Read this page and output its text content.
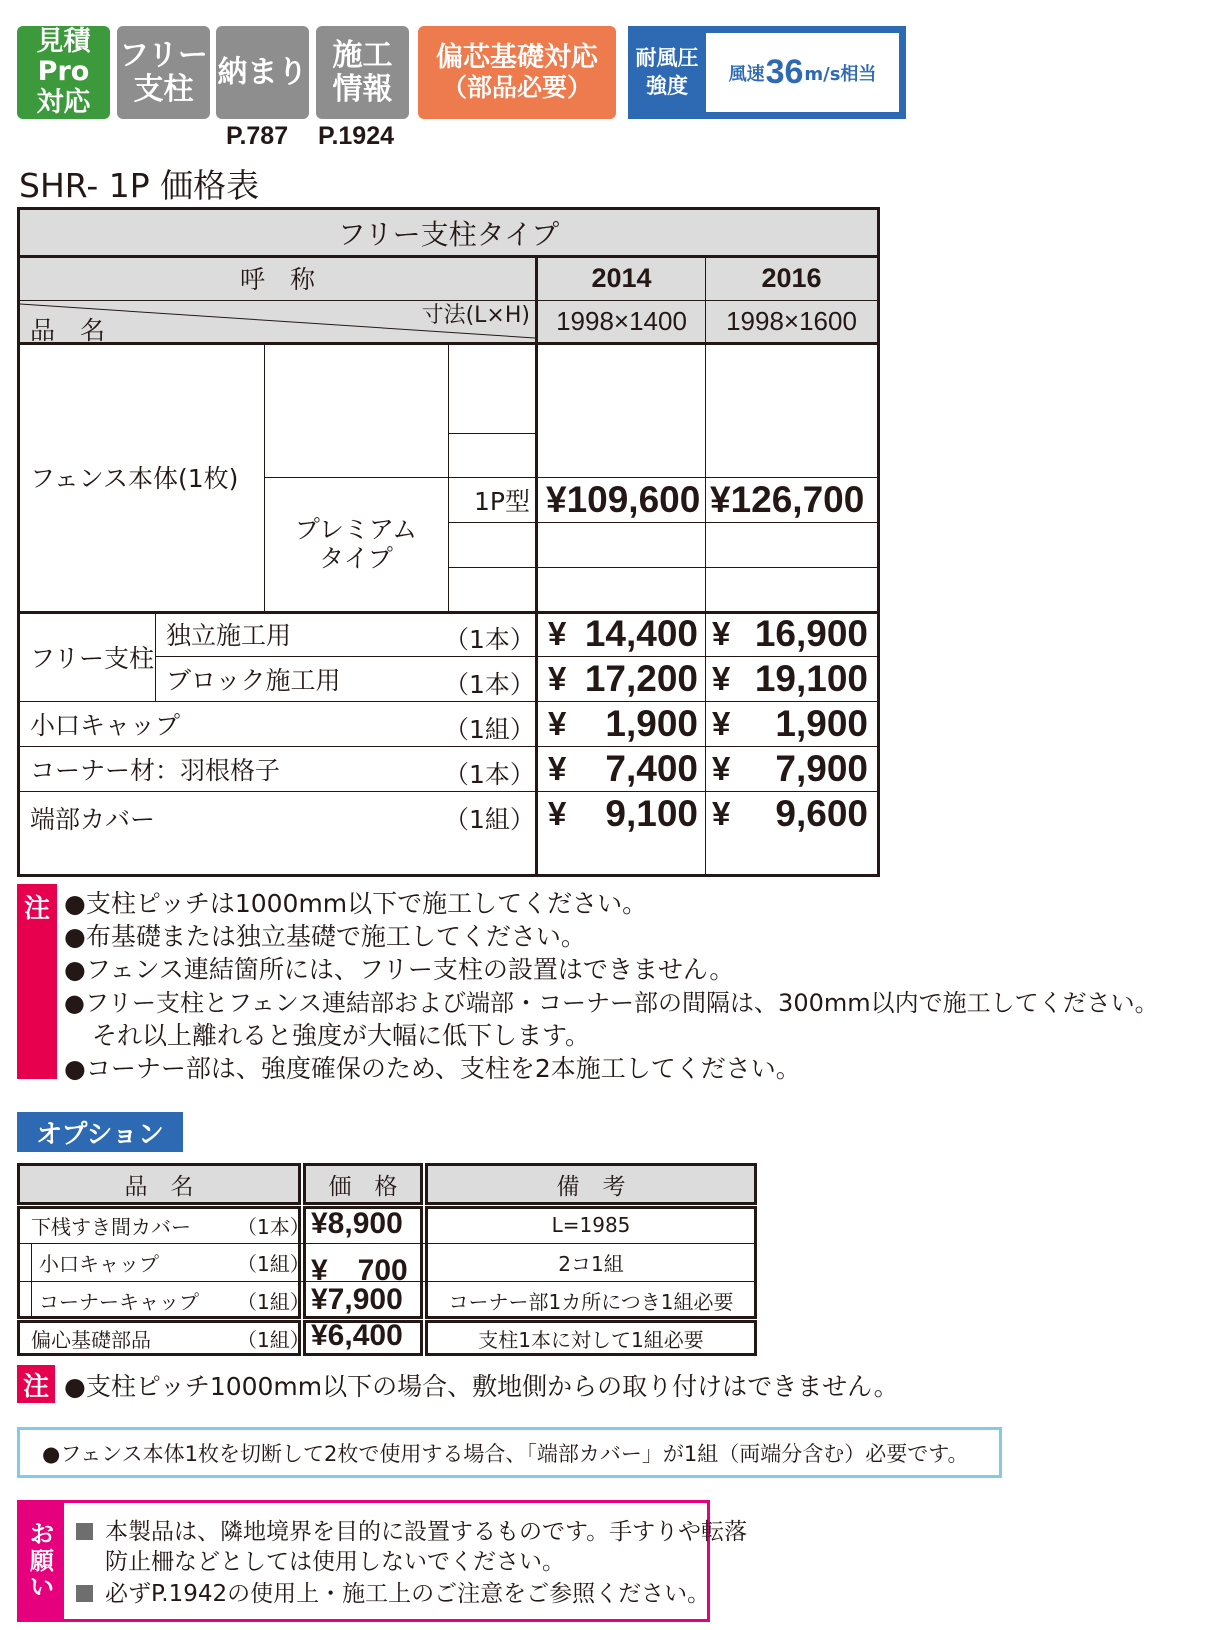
見積Pro
対応
フリー
支柱 納まり 施工
情報
偏芯基礎対応
（部品必要）
耐風圧
強度 風速 36 m/s相当
P.787 P.1924
SHR- 1P 価格表
フリー支柱タイプ
呼　称
寸法(L×H)
品　名
2014	2016
1998×1400	1998×1600
フェンス本体(1枚)
プレミアム
タイプ
1P型 ¥109,600 ¥126,700
フリー支柱
独立施工用	（1本） ¥ 14,400 ¥ 16,900
ブロック施工用	（1本） ¥ 17,200 ¥ 19,100
小口キャップ	（1組） ¥	1,900 ¥	1,900
コーナー材：羽根格子	（1本） ¥	7,400 ¥	7,900
端部カバー	（1組） ¥	9,100 ¥	9,600
注 ●支柱ピッチは1000mm以下で施工してください。
●布基礎または独立基礎で施工してください。
●フェンス連結箇所には、フリー支柱の設置はできません。
●フリー支柱とフェンス連結部および端部・コーナー部の間隔は、300mm以内で施工してください。
それ以上離れると強度が大幅に低下します。
●コーナー部は、強度確保のため、支柱を2本施工してください。
オプション
品　名	価　格	備　考
下桟すき間カバー	（1本） ¥8,900	L=1985
小口キャップ	（1組） ¥　700	2コ1組
コーナーキャップ	（1組） ¥7,900	コーナー部1カ所につき1組必要
偏心基礎部品	（1組） ¥6,400	支柱1本に対して1組必要
注 ●支柱ピッチ1000mm以下の場合、敷地側からの取り付けはできません。
●フェンス本体1枚を切断して2枚で使用する場合、「端部カバー」が1組（両端分含む）必要です。
お
願
い
本製品は、隣地境界を目的に設置するものです。手すりや転落
防止柵などとしては使用しないでください。
必ずP.1942の使用上・施工上のご注意をご参照ください。
